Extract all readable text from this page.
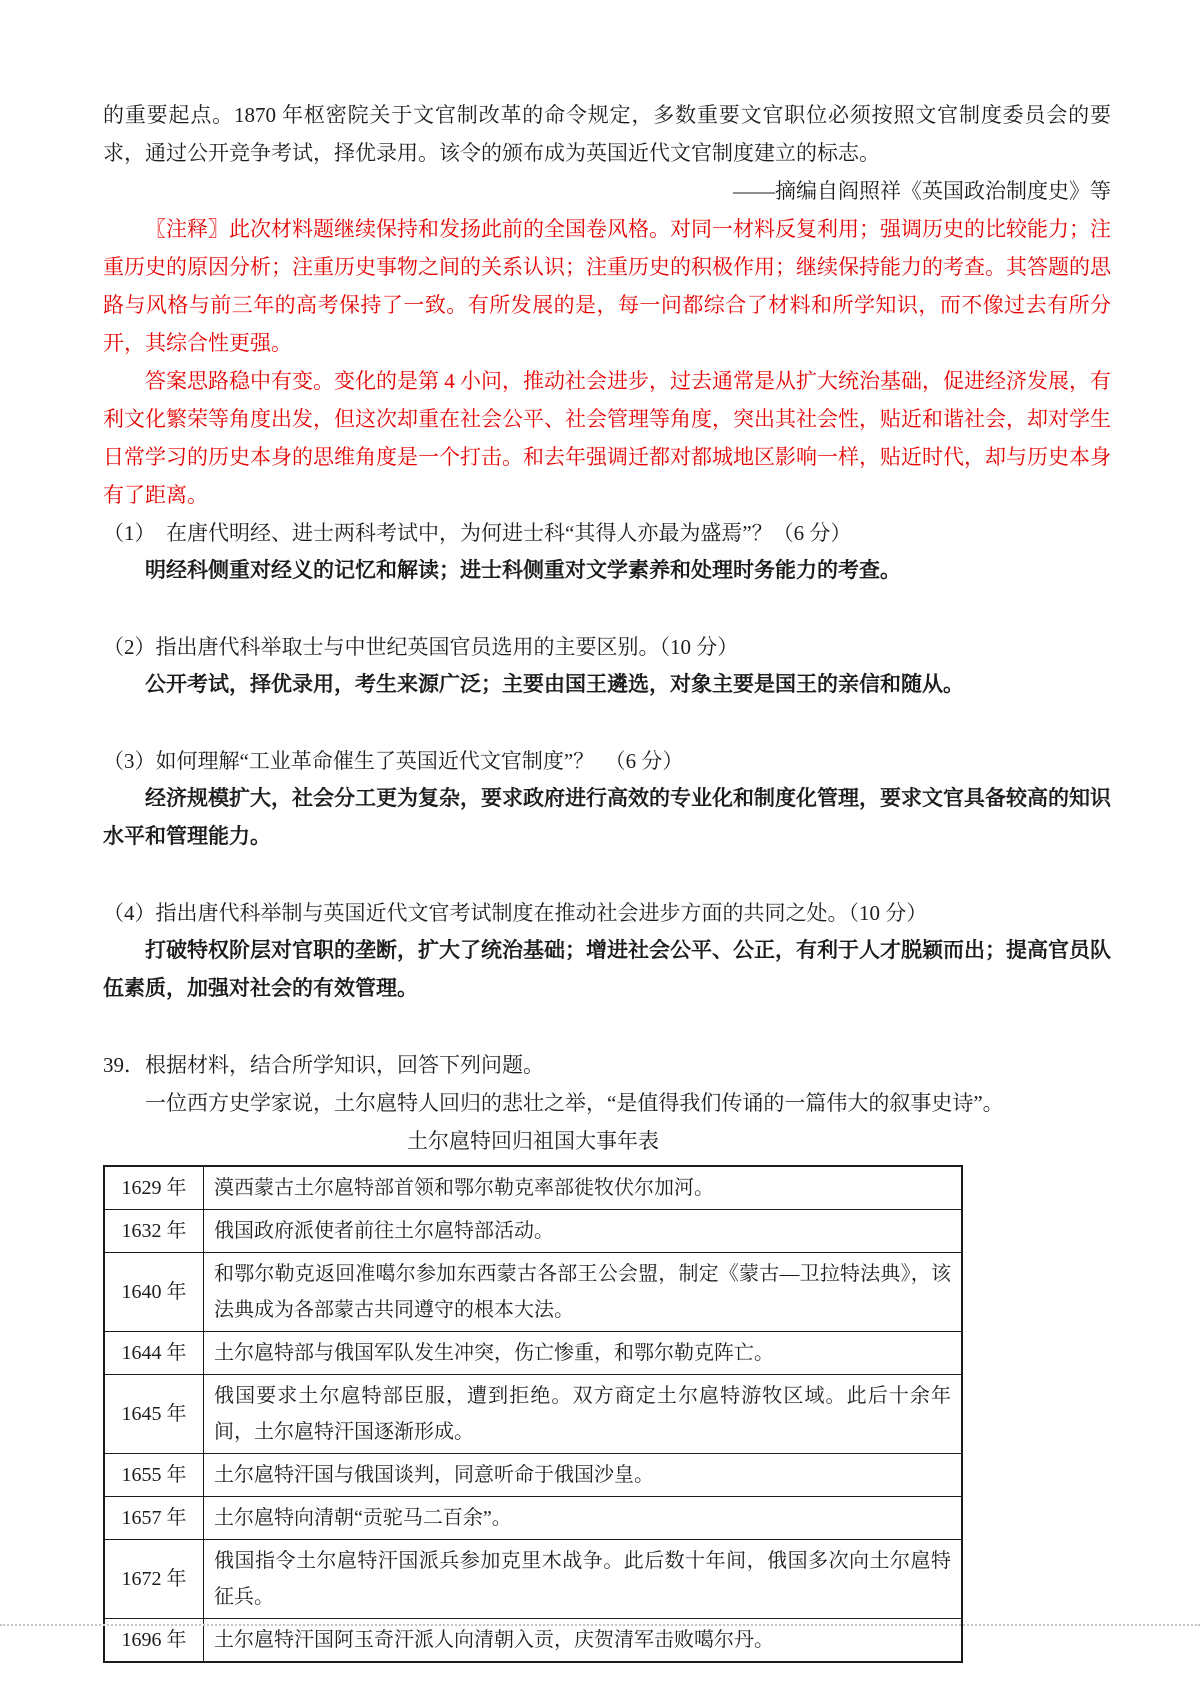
的重要起点。1870 年枢密院关于文官制改革的命令规定，多数重要文官职位必须按照文官制度委员会的要求，通过公开竞争考试，择优录用。该令的颁布成为英国近代文官制度建立的标志。

——摘编自阎照祥《英国政治制度史》等

〖注释〗此次材料题继续保持和发扬此前的全国卷风格。对同一材料反复利用；强调历史的比较能力；注重历史的原因分析；注重历史事物之间的关系认识；注重历史的积极作用；继续保持能力的考查。其答题的思路与风格与前三年的高考保持了一致。有所发展的是，每一问都综合了材料和所学知识，而不像过去有所分开，其综合性更强。

答案思路稳中有变。变化的是第 4 小问，推动社会进步，过去通常是从扩大统治基础，促进经济发展，有利文化繁荣等角度出发，但这次却重在社会公平、社会管理等角度，突出其社会性，贴近和谐社会，却对学生日常学习的历史本身的思维角度是一个打击。和去年强调迁都对都城地区影响一样，贴近时代，却与历史本身有了距离。

（1）　在唐代明经、进士两科考试中，为何进士科“其得人亦最为盛焉”？（6 分）

明经科侧重对经义的记忆和解读；进士科侧重对文学素养和处理时务能力的考查。

（2）指出唐代科举取士与中世纪英国官员选用的主要区别。（10 分）

公开考试，择优录用，考生来源广泛；主要由国王遴选，对象主要是国王的亲信和随从。

（3）如何理解“工业革命催生了英国近代文官制度”？　（6 分）

经济规模扩大，社会分工更为复杂，要求政府进行高效的专业化和制度化管理，要求文官具备较高的知识水平和管理能力。

（4）指出唐代科举制与英国近代文官考试制度在推动社会进步方面的共同之处。（10 分）

打破特权阶层对官职的垄断，扩大了统治基础；增进社会公平、公正，有利于人才脱颖而出；提高官员队伍素质，加强对社会的有效管理。

39．根据材料，结合所学知识，回答下列问题。

一位西方史学家说，土尔扈特人回归的悲壮之举，“是值得我们传诵的一篇伟大的叙事史诗”。

土尔扈特回归祖国大事年表

1629 年	漠西蒙古土尔扈特部首领和鄂尔勒克率部徙牧伏尔加河。
1632 年	俄国政府派使者前往土尔扈特部活动。
1640 年	和鄂尔勒克返回准噶尔参加东西蒙古各部王公会盟，制定《蒙古—卫拉特法典》，该法典成为各部蒙古共同遵守的根本大法。
1644 年	土尔扈特部与俄国军队发生冲突，伤亡惨重，和鄂尔勒克阵亡。
1645 年	俄国要求土尔扈特部臣服，遭到拒绝。双方商定土尔扈特游牧区域。此后十余年间，土尔扈特汗国逐渐形成。
1655 年	土尔扈特汗国与俄国谈判，同意听命于俄国沙皇。
1657 年	土尔扈特向清朝“贡驼马二百余”。
1672 年	俄国指令土尔扈特汗国派兵参加克里木战争。此后数十年间，俄国多次向土尔扈特征兵。
1696 年	土尔扈特汗国阿玉奇汗派人向清朝入贡，庆贺清军击败噶尔丹。
